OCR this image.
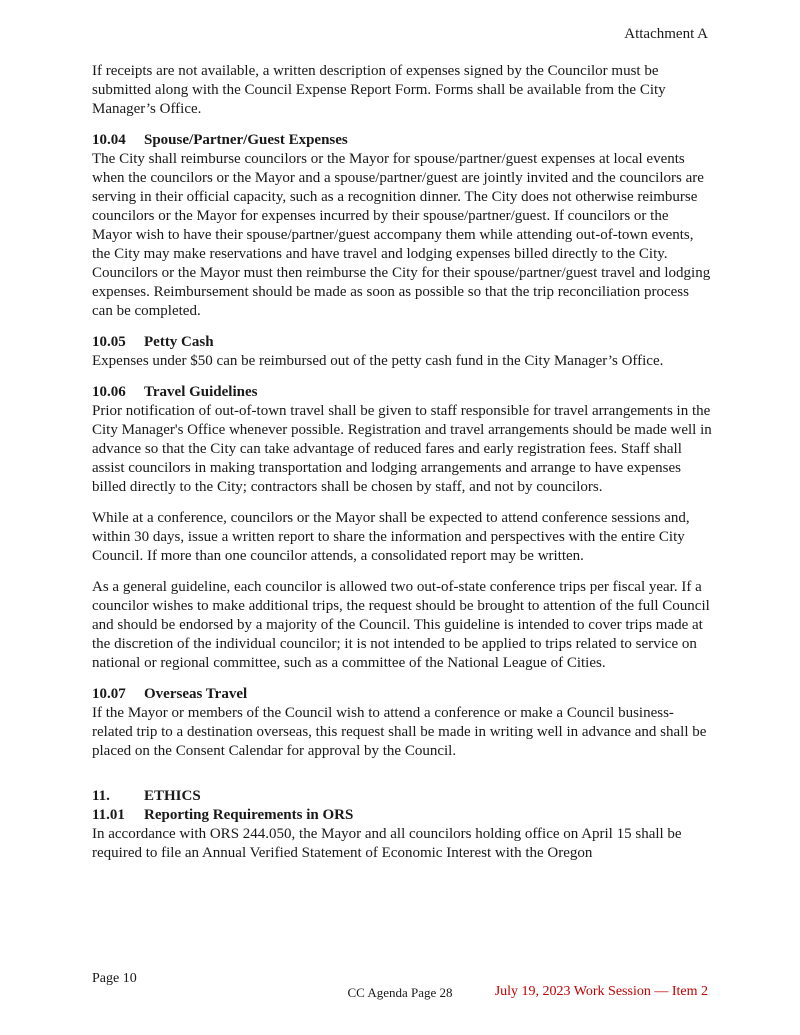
Attachment A

If receipts are not available, a written description of expenses signed by the Councilor must be submitted along with the Council Expense Report Form. Forms shall be available from the City Manager’s Office.

10.04 Spouse/Partner/Guest Expenses

The City shall reimburse councilors or the Mayor for spouse/partner/guest expenses at local events when the councilors or the Mayor and a spouse/partner/guest are jointly invited and the councilors are serving in their official capacity, such as a recognition dinner. The City does not otherwise reimburse councilors or the Mayor for expenses incurred by their spouse/partner/guest. If councilors or the Mayor wish to have their spouse/partner/guest accompany them while attending out-of-town events, the City may make reservations and have travel and lodging expenses billed directly to the City. Councilors or the Mayor must then reimburse the City for their spouse/partner/guest travel and lodging expenses. Reimbursement should be made as soon as possible so that the trip reconciliation process can be completed.

10.05 Petty Cash

Expenses under $50 can be reimbursed out of the petty cash fund in the City Manager’s Office.

10.06 Travel Guidelines

Prior notification of out-of-town travel shall be given to staff responsible for travel arrangements in the City Manager's Office whenever possible. Registration and travel arrangements should be made well in advance so that the City can take advantage of reduced fares and early registration fees. Staff shall assist councilors in making transportation and lodging arrangements and arrange to have expenses billed directly to the City; contractors shall be chosen by staff, and not by councilors.

While at a conference, councilors or the Mayor shall be expected to attend conference sessions and, within 30 days, issue a written report to share the information and perspectives with the entire City Council. If more than one councilor attends, a consolidated report may be written.

As a general guideline, each councilor is allowed two out-of-state conference trips per fiscal year. If a councilor wishes to make additional trips, the request should be brought to attention of the full Council and should be endorsed by a majority of the Council. This guideline is intended to cover trips made at the discretion of the individual councilor; it is not intended to be applied to trips related to service on national or regional committee, such as a committee of the National League of Cities.

10.07 Overseas Travel

If the Mayor or members of the Council wish to attend a conference or make a Council business-related trip to a destination overseas, this request shall be made in writing well in advance and shall be placed on the Consent Calendar for approval by the Council.

11. ETHICS
11.01 Reporting Requirements in ORS

In accordance with ORS 244.050, the Mayor and all councilors holding office on April 15 shall be required to file an Annual Verified Statement of Economic Interest with the Oregon

Page 10
CC Agenda Page 28	July 19, 2023 Work Session — Item 2
